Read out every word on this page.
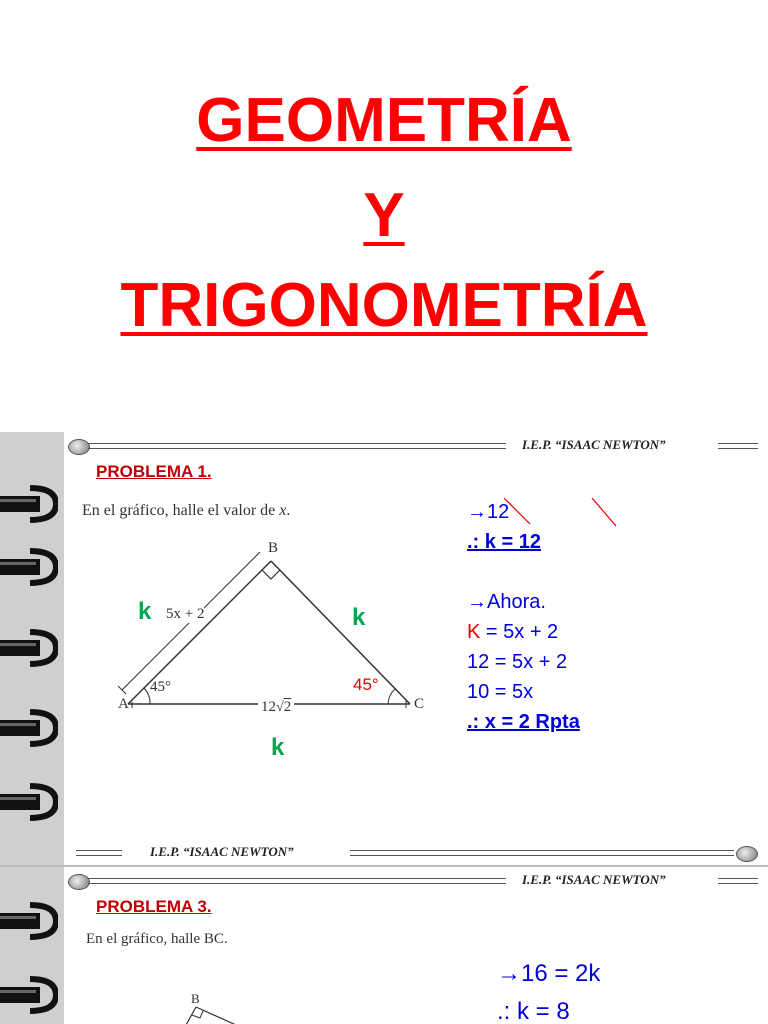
GEOMETRÍA
Y
TRIGONOMETRÍA
I.E.P. “ISAAC NEWTON”
PROBLEMA 1.
En el gráfico, halle el valor de x.
B
A	C
5x + 2
12√2
45°	45°
k	k
k
→12
.: k = 12
→Ahora.
K = 5x + 2
12 = 5x + 2
10 = 5x
.: x = 2 Rpta
I.E.P. “ISAAC NEWTON”
I.E.P. “ISAAC NEWTON”
PROBLEMA 3.
En el gráfico, halle BC.
B
→16 = 2k
.: k = 8
